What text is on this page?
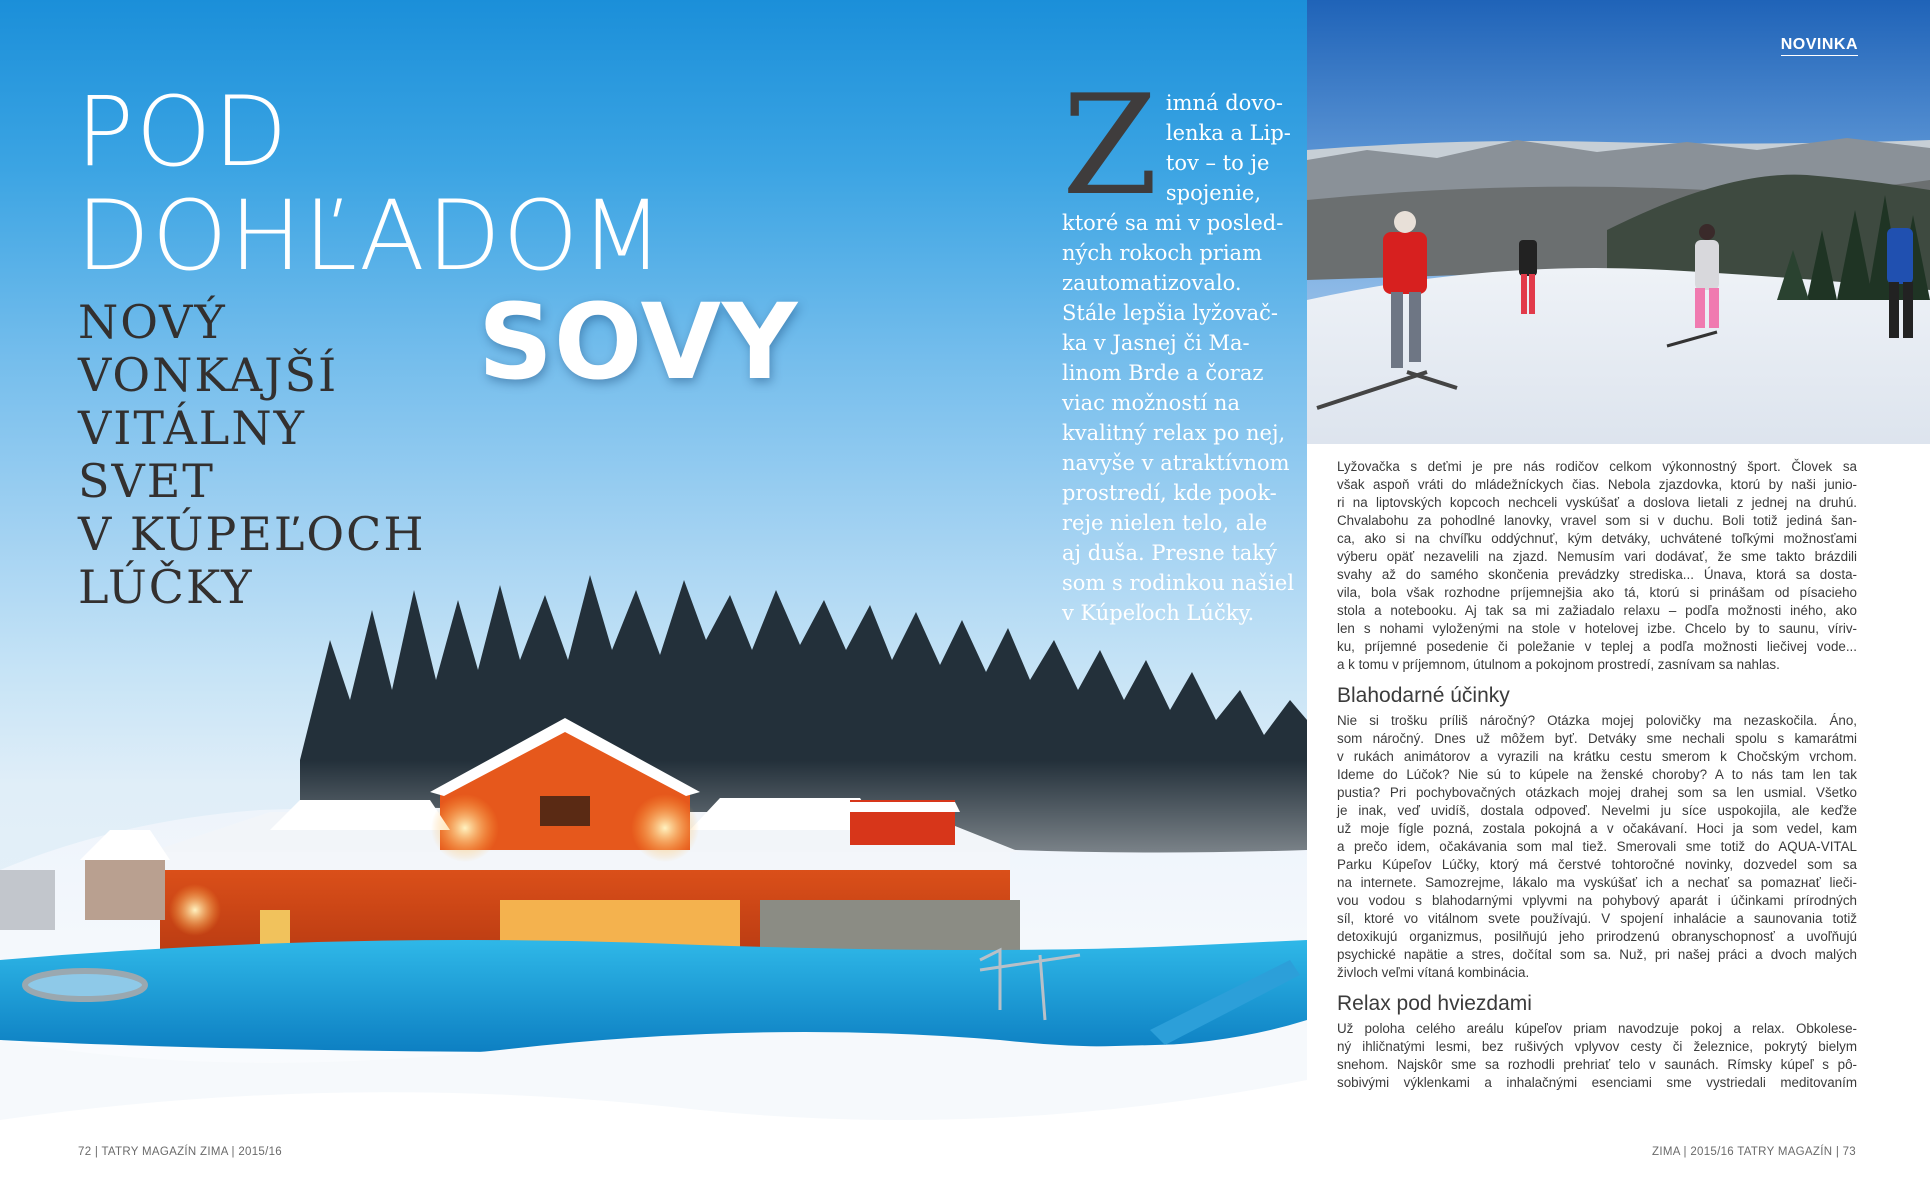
POD
DOHĽADOM
SOVY
NOVÝ
VONKAJŠÍ
VITÁLNY
SVET
V KÚPEĽOCH
LÚČKY
Z imná dovo-
lenka a Lip-
tov – to je
spojenie,
ktoré sa mi v posled-
ných rokoch priam
zautomatizovalo.
Stále lepšia lyžovač-
ka v Jasnej či Ma-
linom Brde a čoraz
viac možností na
kvalitný relax po nej,
navyše v atraktívnom
prostredí, kde pook-
reje nielen telo, ale
aj duša. Presne taký
som s rodinkou našiel
v Kúpeľoch Lúčky.
72 | TATRY MAGAZÍN ZIMA | 2015/16
NOVINKA

Lyžovačka s deťmi je pre nás rodičov celkom výkonnostný šport. Človek sa
však aspoň vráti do mládežníckych čias. Nebola zjazdovka, ktorú by naši junio-
ri na liptovských kopcoch nechceli vyskúšať a doslova lietali z jednej na druhú.
Chvalabohu za pohodlné lanovky, vravel som si v duchu. Boli totiž jediná šan-
ca, ako si na chvíľku oddýchnuť, kým detváky, uchvátené toľkými možnosťami
výberu opäť nezavelili na zjazd. Nemusím vari dodávať, že sme takto brázdili
svahy až do samého skončenia prevádzky strediska... Únava, ktorá sa dosta-
vila, bola však rozhodne príjemnejšia ako tá, ktorú si prinášam od písacieho
stola a notebooku. Aj tak sa mi zažiadalo relaxu – podľa možnosti iného, ako
len s nohami vyloženými na stole v hotelovej izbe. Chcelo by to saunu, víriv-
ku, príjemné posedenie či poležanie v teplej a podľa možnosti liečivej vode...
a k tomu v príjemnom, útulnom a pokojnom prostredí, zasnívam sa nahlas.

Blahodarné účinky

Nie si trošku príliš náročný? Otázka mojej polovičky ma nezaskočila. Áno,
som náročný. Dnes už môžem byť. Detváky sme nechali spolu s kamarátmi
v rukách animátorov a vyrazili na krátku cestu smerom k Chočským vrchom.
Ideme do Lúčok? Nie sú to kúpele na ženské choroby? A to nás tam len tak
pustia? Pri pochybovačných otázkach mojej drahej som sa len usmial. Všetko
je inak, veď uvidíš, dostala odpoveď. Nevelmi ju síce uspokojila, ale keďže
už moje fígle pozná, zostala pokojná a v očakávaní. Hoci ja som vedel, kam
a prečo idem, očakávania som mal tiež. Smerovali sme totiž do AQUA-VITAL
Parku Kúpeľov Lúčky, ktorý má čerstvé tohtoročné novinky, dozvedel som sa
na internete. Samozrejme, lákalo ma vyskúšať ich a nechať sa pomazнať lieči-
vou vodou s blahodarnými vplyvmi na pohybový aparát i účinkami prírodných
síl, ktoré vo vitálnom svete používajú. V spojení inhalácie a saunovania totiž
detoxikujú organizmus, posilňujú jeho prirodzenú obranyschopnosť a uvoľňujú
psychické napätie a stres, dočítal som sa. Nuž, pri našej práci a dvoch malých
živloch veľmi vítaná kombinácia.

Relax pod hviezdami

Už poloha celého areálu kúpeľov priam navodzuje pokoj a relax. Obkolese-
ný ihličnatými lesmi, bez rušivých vplyvov cesty či železnice, pokrytý bielym
snehom. Najskôr sme sa rozhodli prehriať telo v saunách. Rímsky kúpeľ s pô-
sobivými výklenkami a inhalačnými esenciami sme vystriedali meditovaním

ZIMA | 2015/16 TATRY MAGAZÍN | 73
